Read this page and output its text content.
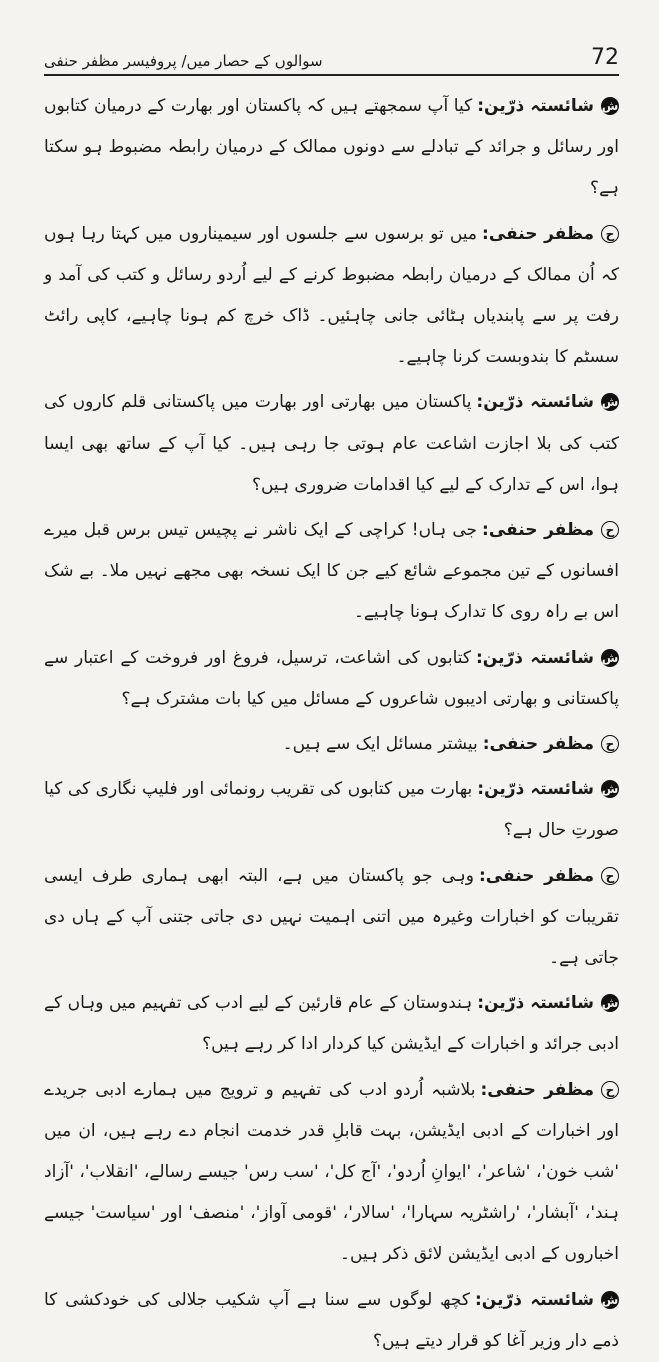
سوالوں کے حصار میں/ پروفیسر مظفر حنفی	72

ششائستہ ذرّین :کیا آپ سمجھتے ہیں کہ پاکستان اور بھارت کے درمیان کتابوں اور رسائل و جرائد کے تبادلے سے دونوں ممالک کے درمیان رابطہ مضبوط ہو سکتا ہے؟

حمظفر حنفی :میں تو برسوں سے جلسوں اور سیمیناروں میں کہتا رہا ہوں کہ اُن ممالک کے درمیان رابطہ مضبوط کرنے کے لیے اُردو رسائل و کتب کی آمد و رفت پر سے پابندیاں ہٹائی جانی چاہئیں۔ ڈاک خرچ کم ہونا چاہیے، کاپی رائٹ سسٹم کا بندوبست کرنا چاہیے۔

ششائستہ ذرّین :پاکستان میں بھارتی اور بھارت میں پاکستانی قلم کاروں کی کتب کی بلا اجازت اشاعت عام ہوتی جا رہی ہیں۔ کیا آپ کے ساتھ بھی ایسا ہوا، اس کے تدارک کے لیے کیا اقدامات ضروری ہیں؟

حمظفر حنفی :جی ہاں! کراچی کے ایک ناشر نے پچیس تیس برس قبل میرے افسانوں کے تین مجموعے شائع کیے جن کا ایک نسخہ بھی مجھے نہیں ملا۔ بے شک اس بے راہ روی کا تدارک ہونا چاہیے۔

ششائستہ ذرّین :کتابوں کی اشاعت، ترسیل، فروغ اور فروخت کے اعتبار سے پاکستانی و بھارتی ادیبوں شاعروں کے مسائل میں کیا بات مشترک ہے؟

حمظفر حنفی :بیشتر مسائل ایک سے ہیں۔

ششائستہ ذرّین :بھارت میں کتابوں کی تقریب رونمائی اور فلیپ نگاری کی کیا صورتِ حال ہے؟

حمظفر حنفی :وہی جو پاکستان میں ہے، البتہ ابھی ہماری طرف ایسی تقریبات کو اخبارات وغیرہ میں اتنی اہمیت نہیں دی جاتی جتنی آپ کے ہاں دی جاتی ہے۔

ششائستہ ذرّین :ہندوستان کے عام قارئین کے لیے ادب کی تفہیم میں وہاں کے ادبی جرائد و اخبارات کے ایڈیشن کیا کردار ادا کر رہے ہیں؟

حمظفر حنفی :بلاشبہ اُردو ادب کی تفہیم و ترویج میں ہمارے ادبی جریدے اور اخبارات کے ادبی ایڈیشن، بہت قابلِ قدر خدمت انجام دے رہے ہیں، ان میں 'شب خون'، 'شاعر'، 'ایوانِ اُردو'، 'آج کل'، 'سب رس' جیسے رسالے، 'انقلاب'، 'آزاد ہند'، 'آبشار'، 'راشٹریہ سہارا'، 'سالار'، 'قومی آواز'، 'منصف' اور 'سیاست' جیسے اخباروں کے ادبی ایڈیشن لائق ذکر ہیں۔

ششائستہ ذرّین :کچھ لوگوں سے سنا ہے آپ شکیب جلالی کی خودکشی کا ذمے دار وزیر آغا کو قرار دیتے ہیں؟
